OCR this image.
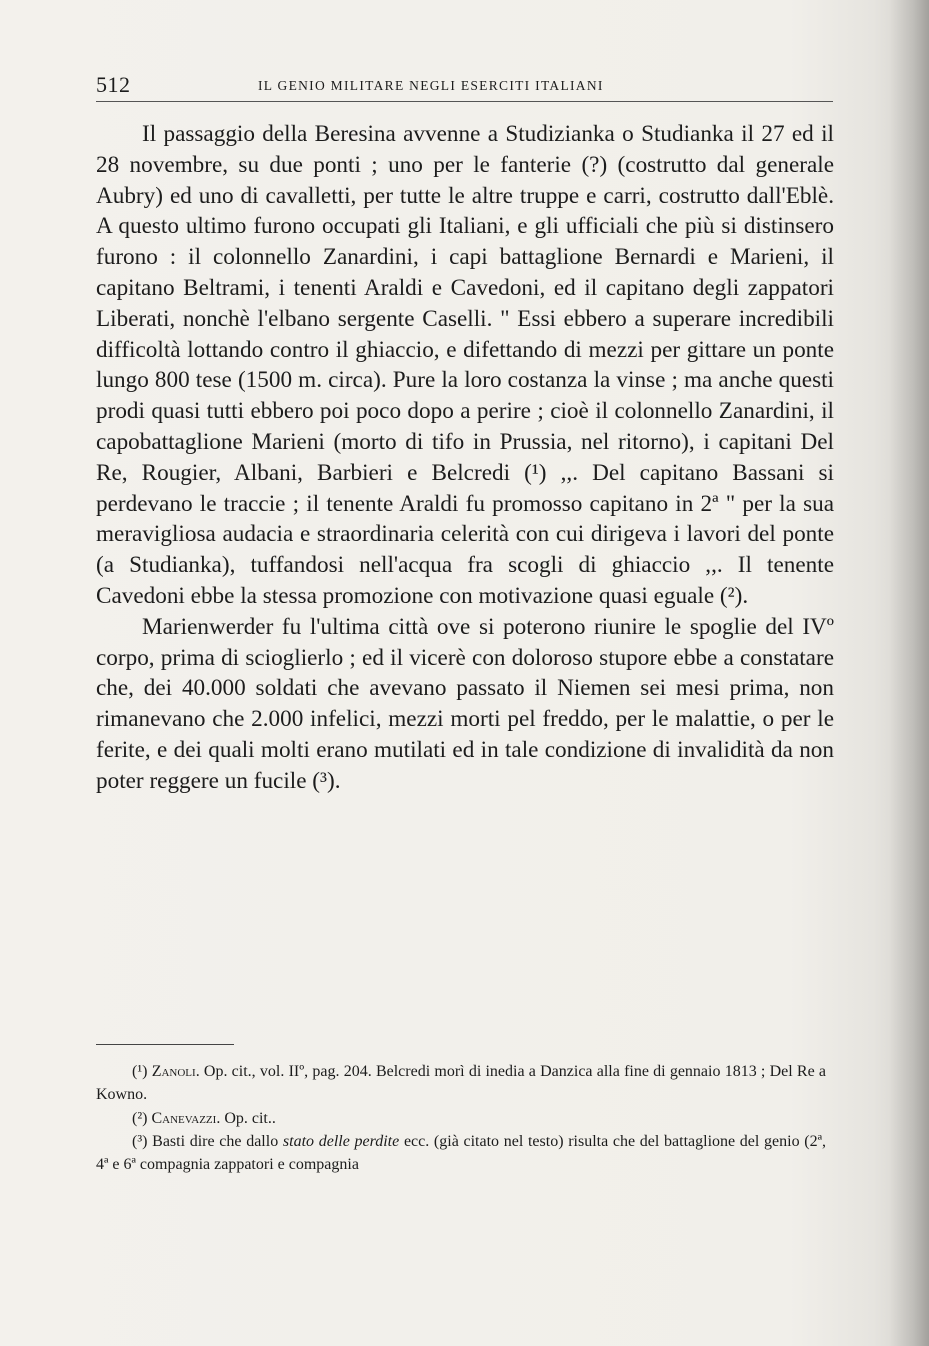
512	IL GENIO MILITARE NEGLI ESERCITI ITALIANI

Il passaggio della Beresina avvenne a Studizianka o Studianka il 27 ed il 28 novembre, su due ponti ; uno per le fanterie (?) (costrutto dal generale Aubry) ed uno di cavalletti, per tutte le altre truppe e carri, costrutto dall'Eblè. A questo ultimo furono occupati gli Italiani, e gli ufficiali che più si distinsero furono : il colonnello Zanardini, i capi battaglione Bernardi e Marieni, il capitano Beltrami, i tenenti Araldi e Cavedoni, ed il capitano degli zappatori Liberati, nonchè l'elbano sergente Caselli. " Essi ebbero a superare incredibili difficoltà lottando contro il ghiaccio, e difettando di mezzi per gittare un ponte lungo 800 tese (1500 m. circa). Pure la loro costanza la vinse ; ma anche questi prodi quasi tutti ebbero poi poco dopo a perire ; cioè il colonnello Zanardini, il capobattaglione Marieni (morto di tifo in Prussia, nel ritorno), i capitani Del Re, Rougier, Albani, Barbieri e Belcredi (¹) ,,. Del capitano Bassani si perdevano le traccie ; il tenente Araldi fu promosso capitano in 2ª " per la sua meravigliosa audacia e straordinaria celerità con cui dirigeva i lavori del ponte (a Studianka), tuffandosi nell'acqua fra scogli di ghiaccio ,,. Il tenente Cavedoni ebbe la stessa promozione con motivazione quasi eguale (²).

Marienwerder fu l'ultima città ove si poterono riunire le spoglie del IVº corpo, prima di scioglierlo ; ed il vicerè con doloroso stupore ebbe a constatare che, dei 40.000 soldati che avevano passato il Niemen sei mesi prima, non rimanevano che 2.000 infelici, mezzi morti pel freddo, per le malattie, o per le ferite, e dei quali molti erano mutilati ed in tale condizione di invalidità da non poter reggere un fucile (³).

(¹) Zanoli. Op. cit., vol. IIº, pag. 204. Belcredi morì di inedia a Danzica alla fine di gennaio 1813 ; Del Re a Kowno.

(²) Canevazzi. Op. cit..

(³) Basti dire che dallo stato delle perdite ecc. (già citato nel testo) risulta che del battaglione del genio (2ª, 4ª e 6ª compagnia zappatori e compagnia
